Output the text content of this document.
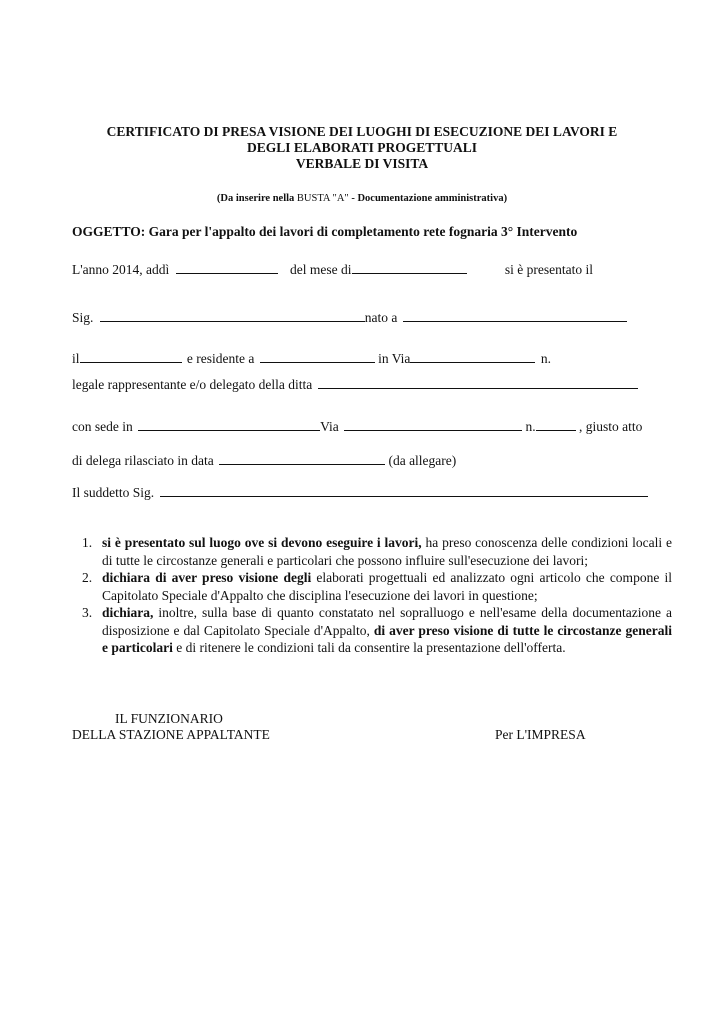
CERTIFICATO DI PRESA VISIONE DEI LUOGHI DI ESECUZIONE DEI LAVORI E
DEGLI ELABORATI PROGETTUALI
VERBALE DI VISITA
(Da inserire nella BUSTA "A" - Documentazione amministrativa)
OGGETTO: Gara per l'appalto dei lavori di completamento rete fognaria 3° Intervento
L'anno 2014, addì	del mese di	si è presentato il
Sig.	nato a
il	e residente a	in Via	n.
legale rappresentante e/o delegato della ditta
con sede in	Via	n.	, giusto atto
di delega rilasciato in data	(da allegare)
Il suddetto Sig.
1. si è presentato sul luogo ove si devono eseguire i lavori, ha preso conoscenza delle condizioni locali e di tutte le circostanze generali e particolari che possono influire sull'esecuzione dei lavori;
2. dichiara di aver preso visione degli elaborati progettuali ed analizzato ogni articolo che compone il Capitolato Speciale d'Appalto che disciplina l'esecuzione dei lavori in questione;
3. dichiara, inoltre, sulla base di quanto constatato nel sopralluogo e nell'esame della documentazione a disposizione e dal Capitolato Speciale d'Appalto, di aver preso visione di tutte le circostanze generali e particolari e di ritenere le condizioni tali da consentire la presentazione dell'offerta.
IL FUNZIONARIO
DELLA STAZIONE APPALTANTE	Per L'IMPRESA
